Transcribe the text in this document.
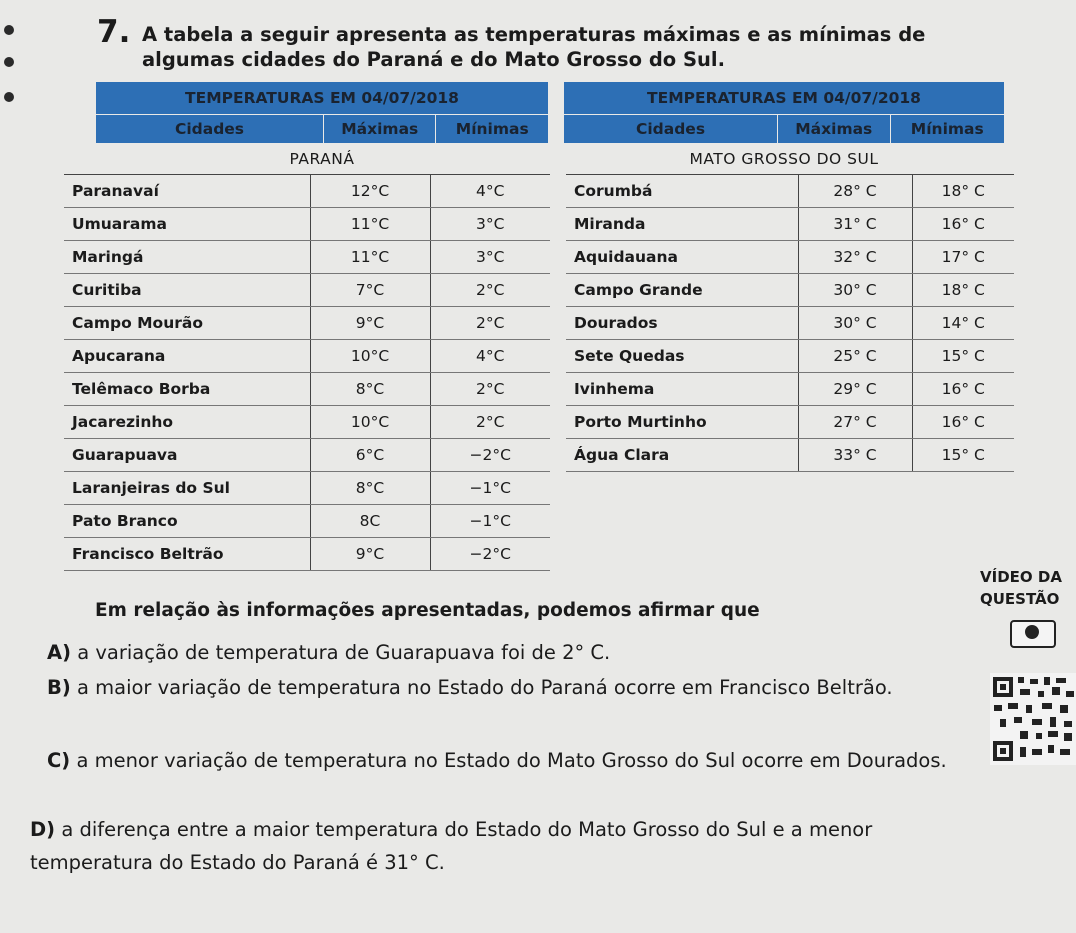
7. A tabela a seguir apresenta as temperaturas máximas e as mínimas de algumas cidades do Paraná e do Mato Grosso do Sul.
TEMPERATURAS EM 04/07/2018
Cidades	Máximas	Mínimas
TEMPERATURAS EM 04/07/2018
Cidades	Máximas	Mínimas
PARANÁ	MATO GROSSO DO SUL
Paranavaí	12°C	4°C
Umuarama	11°C	3°C
Maringá	11°C	3°C
Curitiba	7°C	2°C
Campo Mourão	9°C	2°C
Apucarana	10°C	4°C
Telêmaco Borba	8°C	2°C
Jacarezinho	10°C	2°C
Guarapuava	6°C	−2°C
Laranjeiras do Sul	8°C	−1°C
Pato Branco	8C	−1°C
Francisco Beltrão	9°C	−2°C
Corumbá	28° C	18° C
Miranda	31° C	16° C
Aquidauana	32° C	17° C
Campo Grande	30° C	18° C
Dourados	30° C	14° C
Sete Quedas	25° C	15° C
Ivinhema	29° C	16° C
Porto Murtinho	27° C	16° C
Água Clara	33° C	15° C
VÍDEO DA
QUESTÃO
Em relação às informações apresentadas, podemos afirmar que
A) a variação de temperatura de Guarapuava foi de 2° C.
B) a maior variação de temperatura no Estado do Paraná ocorre em Francisco Beltrão.
C) a menor variação de temperatura no Estado do Mato Grosso do Sul ocorre em Dourados.
D) a diferença entre a maior temperatura do Estado do Mato Grosso do Sul e a menor temperatura do Estado do Paraná é 31° C.
